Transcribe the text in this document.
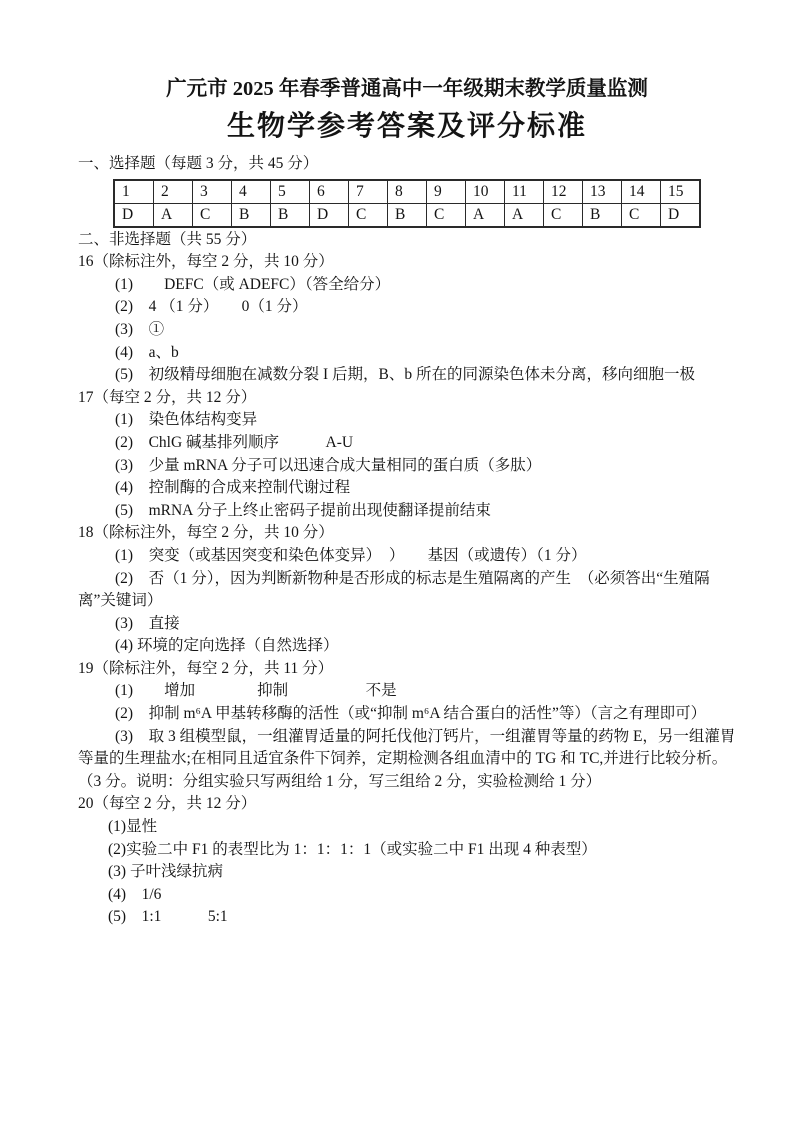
广元市 2025 年春季普通高中一年级期末教学质量监测
生物学参考答案及评分标准
一、选择题（每题 3 分，共 45 分）
1	2	3	4	5	6	7	8	9	10	11	12	13	14	15
D	A	C	B	B	D	C	B	C	A	A	C	B	C	D
二、非选择题（共 55 分）
16（除标注外，每空 2 分，共 10 分）
(1)　　DEFC（或 ADEFC）（答全给分）
(2)　4 （1 分）　　0（1 分）
(3)　①
(4)　a、b
(5)　初级精母细胞在减数分裂 I 后期，B、b 所在的同源染色体未分离，移向细胞一极
17（每空 2 分，共 12 分）
(1)　染色体结构变异
(2)　ChlG 碱基排列顺序　　　A-U
(3)　少量 mRNA 分子可以迅速合成大量相同的蛋白质（多肽）
(4)　控制酶的合成来控制代谢过程
(5)　mRNA 分子上终止密码子提前出现使翻译提前结束
18（除标注外，每空 2 分，共 10 分）
(1)　突变（或基因突变和染色体变异）　）　　基因（或遗传）（1 分）
(2)　否（1 分），因为判断新物种是否形成的标志是生殖隔离的产生　（必须答出“生殖隔离”关键词）
(3)　直接
(4) 环境的定向选择（自然选择）
19（除标注外，每空 2 分，共 11 分）
(1)　　增加　　　　抑制　　　　　不是
(2)　抑制 m⁶A 甲基转移酶的活性（或“抑制 m⁶A 结合蛋白的活性”等）（言之有理即可）
(3)　取 3 组模型鼠，一组灌胃适量的阿托伐他汀钙片，一组灌胃等量的药物 E，另一组灌胃等量的生理盐水;在相同且适宜条件下饲养，定期检测各组血清中的 TG 和 TC,并进行比较分析。（3 分。说明：分组实验只写两组给 1 分，写三组给 2 分，实验检测给 1 分）
20（每空 2 分，共 12 分）
(1)显性
(2)实验二中 F1 的表型比为 1：1：1：1（或实验二中 F1 出现 4 种表型）
(3) 子叶浅绿抗病
(4)　1/6
(5)　1:1　　　5:1
